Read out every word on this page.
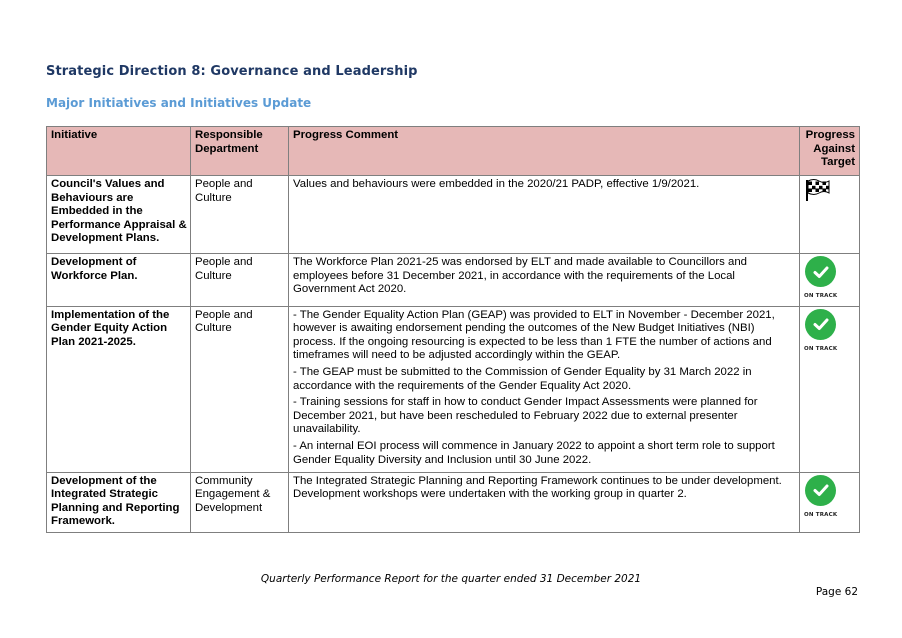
Strategic Direction 8: Governance and Leadership
Major Initiatives and Initiatives Update
Initiative	Responsible Department	Progress Comment	Progress Against Target
Council's Values and Behaviours are Embedded in the Performance Appraisal & Development Plans.	People and Culture	Values and behaviours were embedded in the 2020/21 PADP, effective 1/9/2021.

Development of Workforce Plan.	People and Culture	The Workforce Plan 2021-25 was endorsed by ELT and made available to Councillors and employees before 31 December 2021, in accordance with the requirements of the Local Government Act 2020.	ON TRACK

Implementation of the Gender Equity Action Plan 2021-2025.	People and Culture	- The Gender Equality Action Plan (GEAP) was provided to ELT in November - December 2021, however is awaiting endorsement pending the outcomes of the New Budget Initiatives (NBI) process. If the ongoing resourcing is expected to be less than 1 FTE the number of actions and timeframes will need to be adjusted accordingly within the GEAP.
- The GEAP must be submitted to the Commission of Gender Equality by 31 March 2022 in accordance with the requirements of the Gender Equality Act 2020.
- Training sessions for staff in how to conduct Gender Impact Assessments were planned for December 2021, but have been rescheduled to February 2022 due to external presenter unavailability.
- An internal EOI process will commence in January 2022 to appoint a short term role to support Gender Equality Diversity and Inclusion until 30 June 2022.	ON TRACK

Development of the Integrated Strategic Planning and Reporting Framework.	Community Engagement & Development	The Integrated Strategic Planning and Reporting Framework continues to be under development. Development workshops were undertaken with the working group in quarter 2.	ON TRACK
Quarterly Performance Report for the quarter ended 31 December 2021
Page 62
